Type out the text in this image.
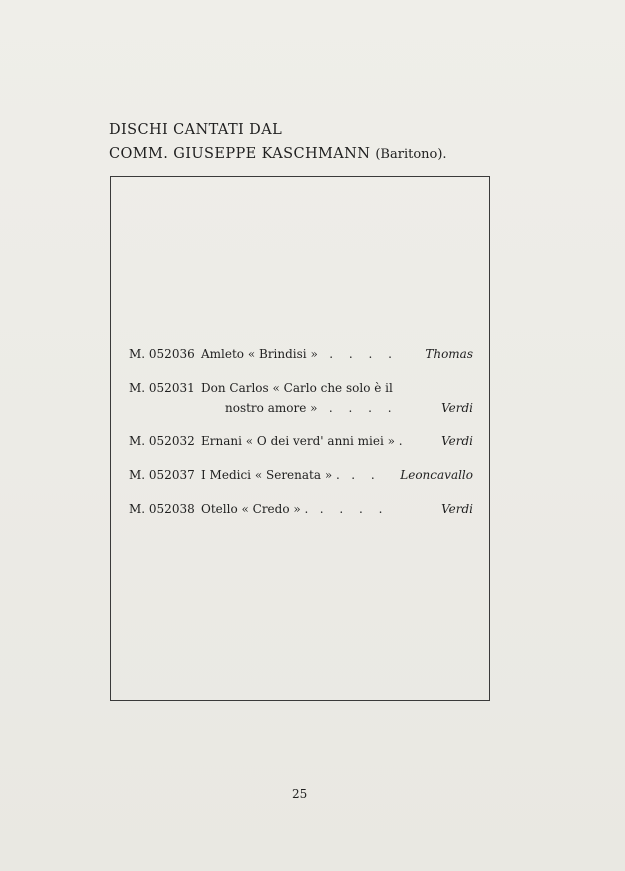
DISCHI CANTATI DAL
COMM. GIUSEPPE KASCHMANN (Baritono).
M. 052036 Amleto « Brindisi » . . . . Thomas
M. 052031 Don Carlos « Carlo che solo è il
nostro amore » . . . .	Verdi
M. 052032 Ernani « O dei verd' anni miei » .	Verdi
M. 052037 I Medici « Serenata » . . . Leoncavallo
M. 052038 Otello « Credo » . . . . .	Verdi
25
